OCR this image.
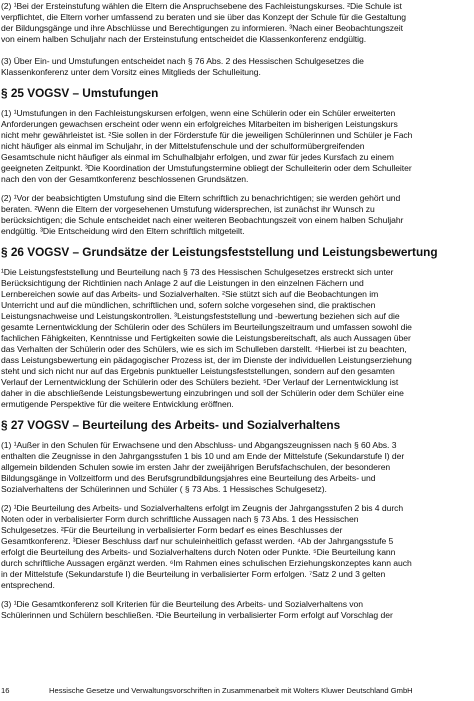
(2) ¹Bei der Ersteinstufung wählen die Eltern die Anspruchsebene des Fachleistungskurses. ²Die Schule ist
verpflichtet, die Eltern vorher umfassend zu beraten und sie über das Konzept der Schule für die Gestaltung
der Bildungsgänge und ihre Abschlüsse und Berechtigungen zu informieren. ³Nach einer Beobachtungszeit
von einem halben Schuljahr nach der Ersteinstufung entscheidet die Klassenkonferenz endgültig.
(3) Über Ein- und Umstufungen entscheidet nach § 76 Abs. 2 des Hessischen Schulgesetzes die
Klassenkonferenz unter dem Vorsitz eines Mitglieds der Schulleitung.
§ 25 VOGSV – Umstufungen
(1) ¹Umstufungen in den Fachleistungskursen erfolgen, wenn eine Schülerin oder ein Schüler erweiterten
Anforderungen gewachsen erscheint oder wenn ein erfolgreiches Mitarbeiten im bisherigen Leistungskurs
nicht mehr gewährleistet ist. ²Sie sollen in der Förderstufe für die jeweiligen Schülerinnen und Schüler je Fach
nicht häufiger als einmal im Schuljahr, in der Mittelstufenschule und der schulformübergreifenden
Gesamtschule nicht häufiger als einmal im Schulhalbjahr erfolgen, und zwar für jedes Kursfach zu einem
geeigneten Zeitpunkt. ³Die Koordination der Umstufungstermine obliegt der Schulleiterin oder dem Schulleiter
nach den von der Gesamtkonferenz beschlossenen Grundsätzen.
(2) ¹Vor der beabsichtigten Umstufung sind die Eltern schriftlich zu benachrichtigen; sie werden gehört und
beraten. ²Wenn die Eltern der vorgesehenen Umstufung widersprechen, ist zunächst ihr Wunsch zu
berücksichtigen; die Schule entscheidet nach einer weiteren Beobachtungszeit von einem halben Schuljahr
endgültig. ³Die Entscheidung wird den Eltern schriftlich mitgeteilt.
§ 26 VOGSV – Grundsätze der Leistungsfeststellung und Leistungsbewertung
¹Die Leistungsfeststellung und Beurteilung nach § 73 des Hessischen Schulgesetzes erstreckt sich unter
Berücksichtigung der Richtlinien nach Anlage 2 auf die Leistungen in den einzelnen Fächern und
Lernbereichen sowie auf das Arbeits- und Sozialverhalten. ²Sie stützt sich auf die Beobachtungen im
Unterricht und auf die mündlichen, schriftlichen und, sofern solche vorgesehen sind, die praktischen
Leistungsnachweise und Leistungskontrollen. ³Leistungsfeststellung und -bewertung beziehen sich auf die
gesamte Lernentwicklung der Schülerin oder des Schülers im Beurteilungszeitraum und umfassen sowohl die
fachlichen Fähigkeiten, Kenntnisse und Fertigkeiten sowie die Leistungsbereitschaft, als auch Aussagen über
das Verhalten der Schülerin oder des Schülers, wie es sich im Schulleben darstellt. ⁴Hierbei ist zu beachten,
dass Leistungsbewertung ein pädagogischer Prozess ist, der im Dienste der individuellen Leistungserziehung
steht und sich nicht nur auf das Ergebnis punktueller Leistungsfeststellungen, sondern auf den gesamten
Verlauf der Lernentwicklung der Schülerin oder des Schülers bezieht. ⁵Der Verlauf der Lernentwicklung ist
daher in die abschließende Leistungsbewertung einzubringen und soll der Schülerin oder dem Schüler eine
ermutigende Perspektive für die weitere Entwicklung eröffnen.
§ 27 VOGSV – Beurteilung des Arbeits- und Sozialverhaltens
(1) ¹Außer in den Schulen für Erwachsene und den Abschluss- und Abgangszeugnissen nach § 60 Abs. 3
enthalten die Zeugnisse in den Jahrgangsstufen 1 bis 10 und am Ende der Mittelstufe (Sekundarstufe I) der
allgemein bildenden Schulen sowie im ersten Jahr der zweijährigen Berufsfachschulen, der besonderen
Bildungsgänge in Vollzeitform und des Berufsgrundbildungsjahres eine Beurteilung des Arbeits- und
Sozialverhaltens der Schülerinnen und Schüler ( § 73 Abs. 1 Hessisches Schulgesetz).
(2) ¹Die Beurteilung des Arbeits- und Sozialverhaltens erfolgt im Zeugnis der Jahrgangsstufen 2 bis 4 durch
Noten oder in verbalisierter Form durch schriftliche Aussagen nach § 73 Abs. 1 des Hessischen
Schulgesetzes. ²Für die Beurteilung in verbalisierter Form bedarf es eines Beschlusses der
Gesamtkonferenz. ³Dieser Beschluss darf nur schuleinheitlich gefasst werden. ⁴Ab der Jahrgangsstufe 5
erfolgt die Beurteilung des Arbeits- und Sozialverhaltens durch Noten oder Punkte. ⁵Die Beurteilung kann
durch schriftliche Aussagen ergänzt werden. ⁶Im Rahmen eines schulischen Erziehungskonzeptes kann auch
in der Mittelstufe (Sekundarstufe I) die Beurteilung in verbalisierter Form erfolgen. ⁷Satz 2 und 3 gelten
entsprechend.
(3) ¹Die Gesamtkonferenz soll Kriterien für die Beurteilung des Arbeits- und Sozialverhaltens von
Schülerinnen und Schülern beschließen. ²Die Beurteilung in verbalisierter Form erfolgt auf Vorschlag der
16	Hessische Gesetze und Verwaltungsvorschriften in Zusammenarbeit mit Wolters Kluwer Deutschland GmbH
